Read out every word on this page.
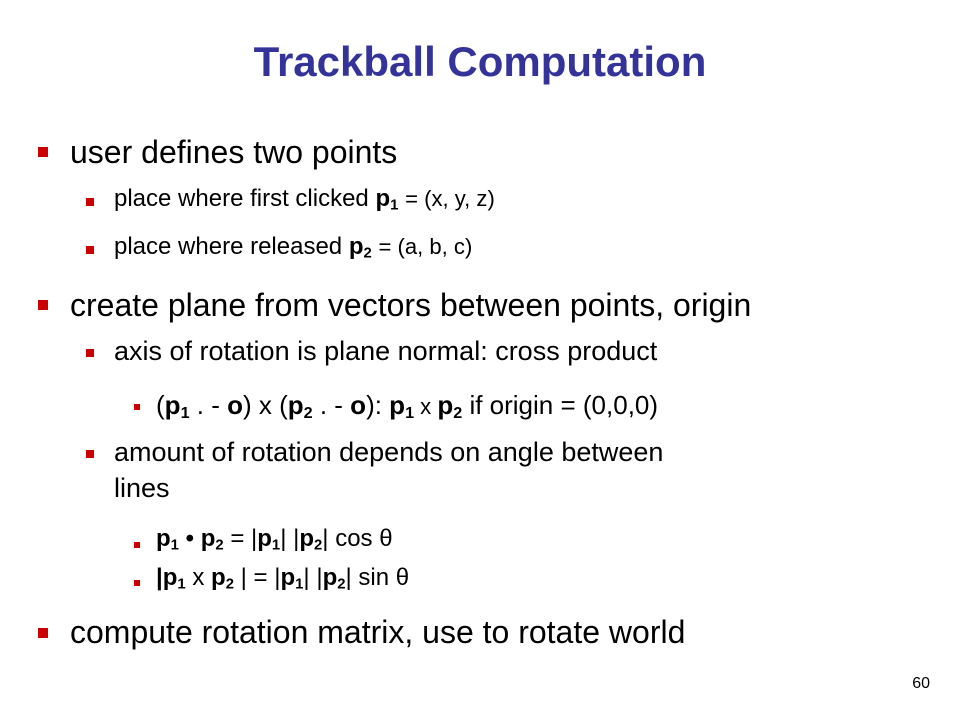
Trackball Computation
user defines two points
place where first clicked $p_1 = (x$, y, z)
place where released $p_2 = (a$, b, c)
create plane from vectors between points, origin
axis of rotation is plane normal: cross product
($p_1$ . - o) x ($p_2$ . - o): $p_1$ x $p_2$ if origin = (0,0,0)
amount of rotation depends on angle between
lines
$p_1$ • $p_2 = |p_1|$ $|p_2|$ cos θ
$|p_1$ x $p_2$ | = $|p_1|$ $|p_2|$ sin θ
compute rotation matrix, use to rotate world
60
